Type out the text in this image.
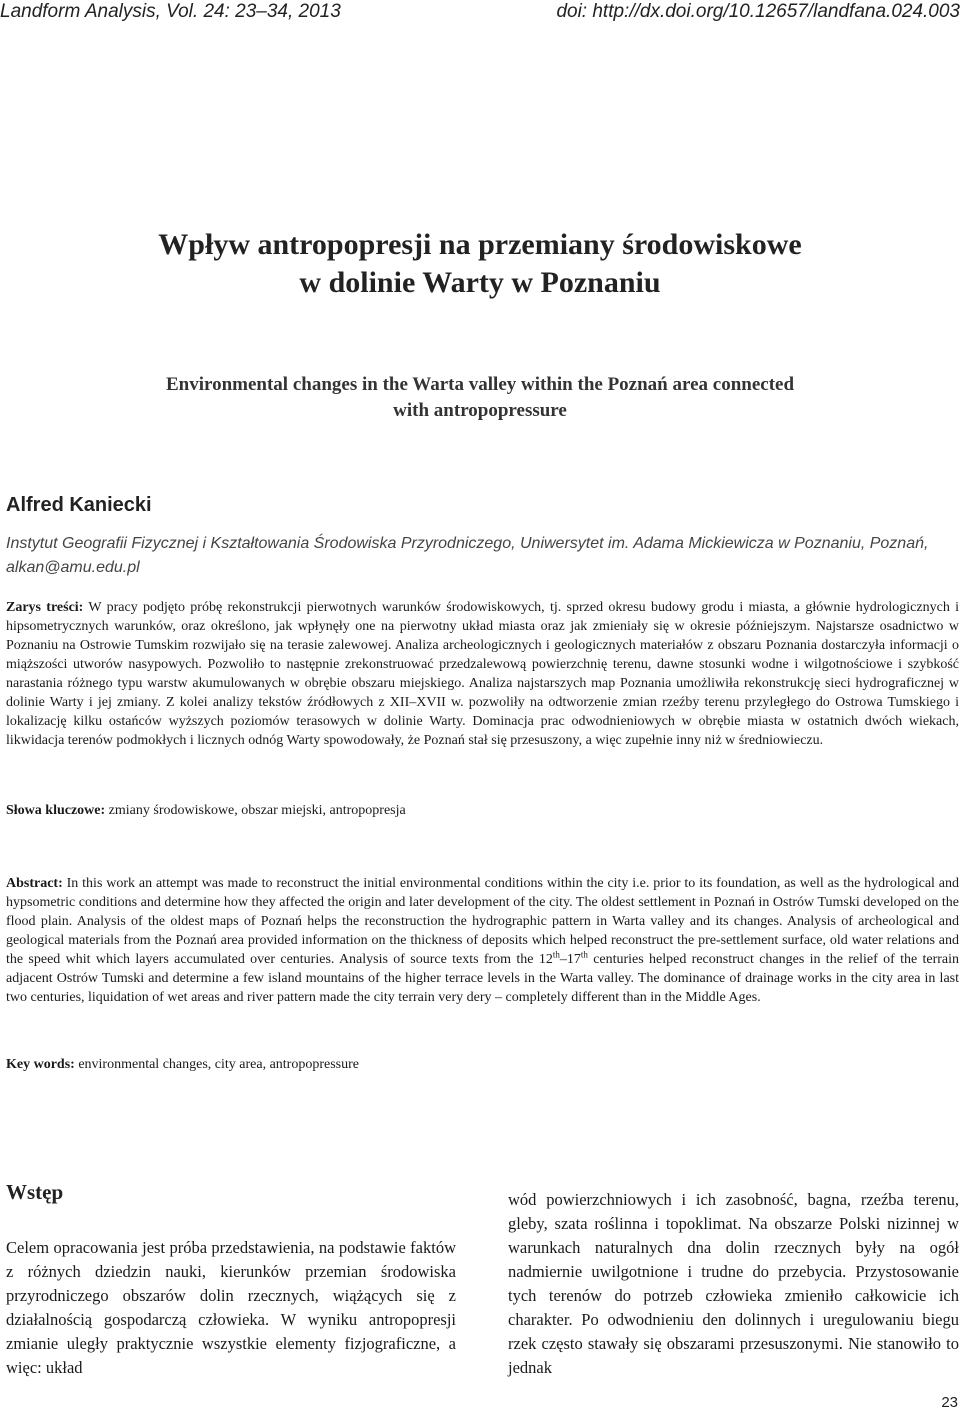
Landform Analysis, Vol. 24: 23–34, 2013	doi: http://dx.doi.org/10.12657/landfana.024.003
Wpływ antropopresji na przemiany środowiskowe
w dolinie Warty w Poznaniu
Environmental changes in the Warta valley within the Poznań area connected
with antropopressure
Alfred Kaniecki
Instytut Geografii Fizycznej i Kształtowania Środowiska Przyrodniczego, Uniwersytet im. Adama Mickiewicza w Poznaniu, Poznań, alkan@amu.edu.pl
Zarys treści: W pracy podjęto próbę rekonstrukcji pierwotnych warunków środowiskowych, tj. sprzed okresu budowy grodu i miasta, a głównie hydrologicznych i hipsometrycznych warunków, oraz określono, jak wpłynęły one na pierwotny układ miasta oraz jak zmieniały się w okresie późniejszym. Najstarsze osadnictwo w Poznaniu na Ostrowie Tumskim rozwijało się na terasie zalewowej. Analiza archeologicznych i geologicznych materiałów z obszaru Poznania dostarczyła informacji o miąższości utworów nasypowych. Pozwoliło to następnie zrekonstruować przedzalewową powierzchnię terenu, dawne stosunki wodne i wilgotnościowe i szybkość narastania różnego typu warstw akumulowanych w obrębie obszaru miejskiego. Analiza najstarszych map Poznania umożliwiła rekonstrukcję sieci hydrograficznej w dolinie Warty i jej zmiany. Z kolei analizy tekstów źródłowych z XII–XVII w. pozwoliły na odtworzenie zmian rzeźby terenu przyległego do Ostrowa Tumskiego i lokalizację kilku ostańców wyższych poziomów terasowych w dolinie Warty. Dominacja prac odwodnieniowych w obrębie miasta w ostatnich dwóch wiekach, likwidacja terenów podmokłych i licznych odnóg Warty spowodowały, że Poznań stał się przesuszony, a więc zupełnie inny niż w średniowieczu.
Słowa kluczowe: zmiany środowiskowe, obszar miejski, antropopresja
Abstract: In this work an attempt was made to reconstruct the initial environmental conditions within the city i.e. prior to its foundation, as well as the hydrological and hypsometric conditions and determine how they affected the origin and later development of the city. The oldest settlement in Poznań in Ostrów Tumski developed on the flood plain. Analysis of the oldest maps of Poznań helps the reconstruction the hydrographic pattern in Warta valley and its changes. Analysis of archeological and geological materials from the Poznań area provided information on the thickness of deposits which helped reconstruct the pre-settlement surface, old water relations and the speed whit which layers accumulated over centuries. Analysis of source texts from the 12th–17th centuries helped reconstruct changes in the relief of the terrain adjacent Ostrów Tumski and determine a few island mountains of the higher terrace levels in the Warta valley. The dominance of drainage works in the city area in last two centuries, liquidation of wet areas and river pattern made the city terrain very dery – completely different than in the Middle Ages.
Key words: environmental changes, city area, antropopressure
Wstęp
Celem opracowania jest próba przedstawienia, na podstawie faktów z różnych dziedzin nauki, kierunków przemian środowiska przyrodniczego obszarów dolin rzecznych, wiążących się z działalnością gospodarczą człowieka. W wyniku antropopresji zmianie uległy praktycznie wszystkie elementy fizjograficzne, a więc: układ
wód powierzchniowych i ich zasobność, bagna, rzeźba terenu, gleby, szata roślinna i topoklimat. Na obszarze Polski nizinnej w warunkach naturalnych dna dolin rzecznych były na ogół nadmiernie uwilgotnione i trudne do przebycia. Przystosowanie tych terenów do potrzeb człowieka zmieniło całkowicie ich charakter. Po odwodnieniu den dolinnych i uregulowaniu biegu rzek często stawały się obszarami przesuszonymi. Nie stanowiło to jednak
23
